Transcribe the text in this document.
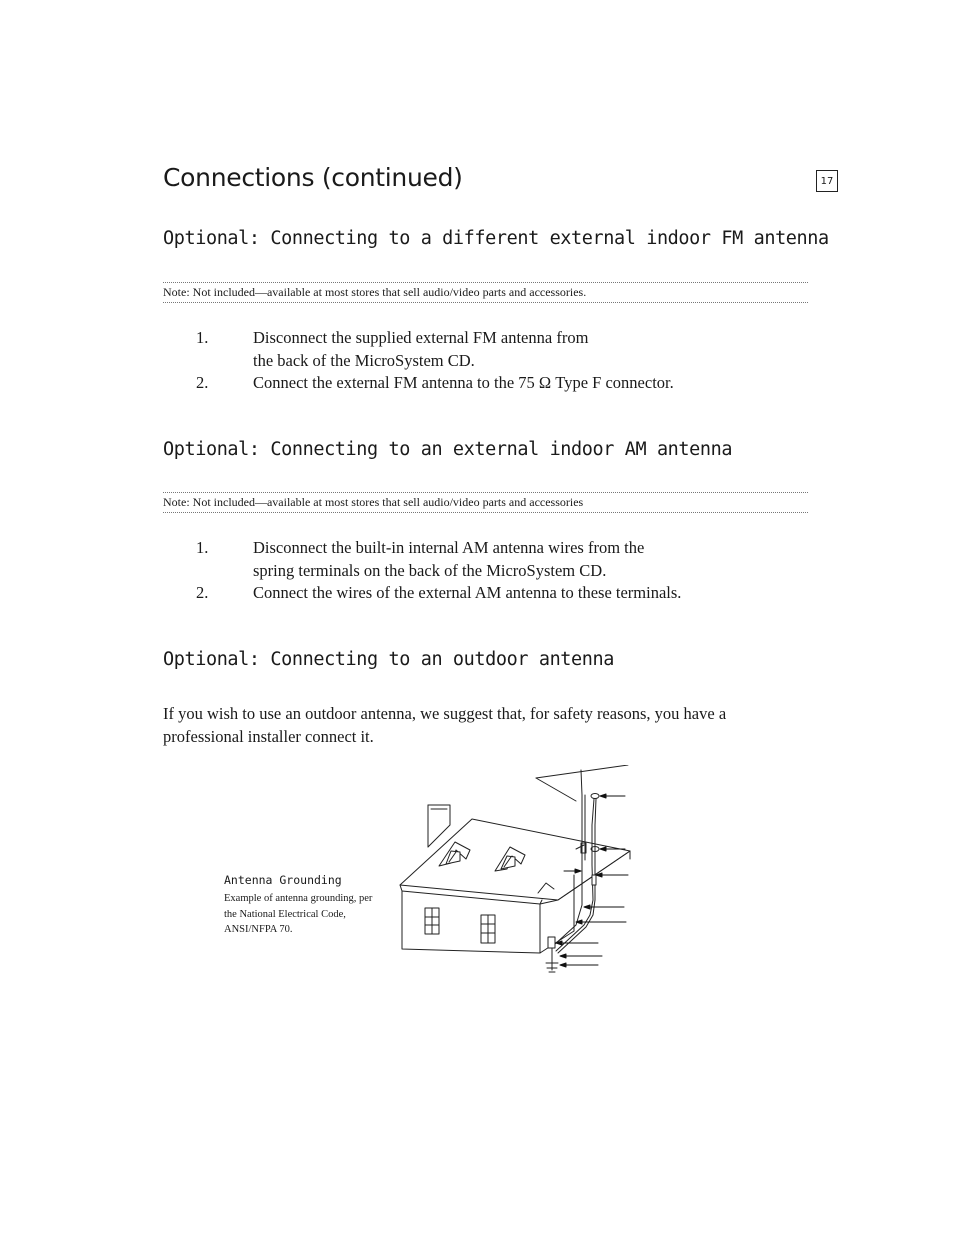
Connections (continued)	17
Optional: Connecting to a different external indoor FM antenna
Note: Not included—available at most stores that sell audio/video parts and accessories.
1.	Disconnect the supplied external FM antenna from the back of the MicroSystem CD.
2.	Connect the external FM antenna to the 75 Ω Type F connector.
Optional: Connecting to an external indoor AM antenna
Note: Not included—available at most stores that sell audio/video parts and accessories
1.	Disconnect the built-in internal AM antenna wires from the spring terminals on the back of the MicroSystem CD.
2.	Connect the wires of the external AM antenna to these terminals.
Optional: Connecting to an outdoor antenna

If you wish to use an outdoor antenna, we suggest that, for safety reasons, you have a professional installer connect it.

Antenna Grounding
Example of antenna grounding, per the National Electrical Code, ANSI/NFPA 70.
